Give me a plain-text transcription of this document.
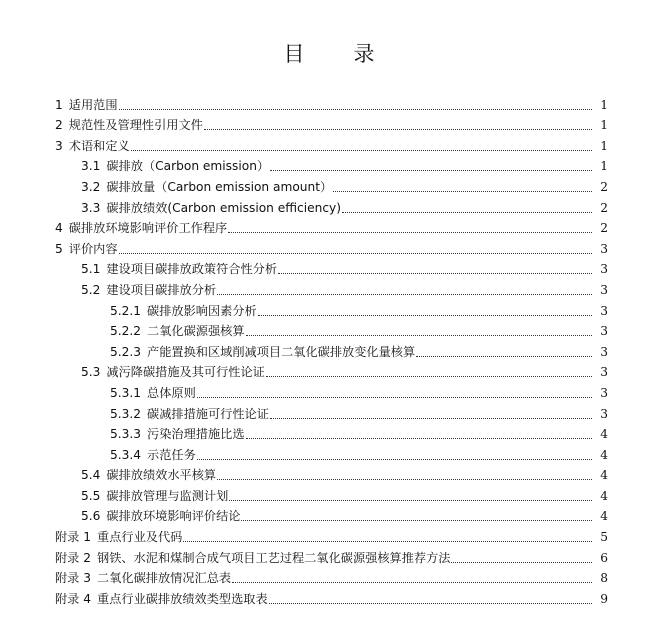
目　录
1 适用范围	1
2 规范性及管理性引用文件	1
3 术语和定义	1
3.1 碳排放（Carbon emission）	1
3.2 碳排放量（Carbon emission amount）	2
3.3 碳排放绩效(Carbon emission efficiency)	2
4 碳排放环境影响评价工作程序	2
5 评价内容	3
5.1 建设项目碳排放政策符合性分析	3
5.2 建设项目碳排放分析	3
5.2.1 碳排放影响因素分析	3
5.2.2 二氧化碳源强核算	3
5.2.3 产能置换和区域削减项目二氧化碳排放变化量核算	3
5.3 减污降碳措施及其可行性论证	3
5.3.1 总体原则	3
5.3.2 碳减排措施可行性论证	3
5.3.3 污染治理措施比选	4
5.3.4 示范任务	4
5.4 碳排放绩效水平核算	4
5.5 碳排放管理与监测计划	4
5.6 碳排放环境影响评价结论	4
附录 1 重点行业及代码	5
附录 2 钢铁、水泥和煤制合成气项目工艺过程二氧化碳源强核算推荐方法	6
附录 3 二氧化碳排放情况汇总表	8
附录 4 重点行业碳排放绩效类型选取表	9
